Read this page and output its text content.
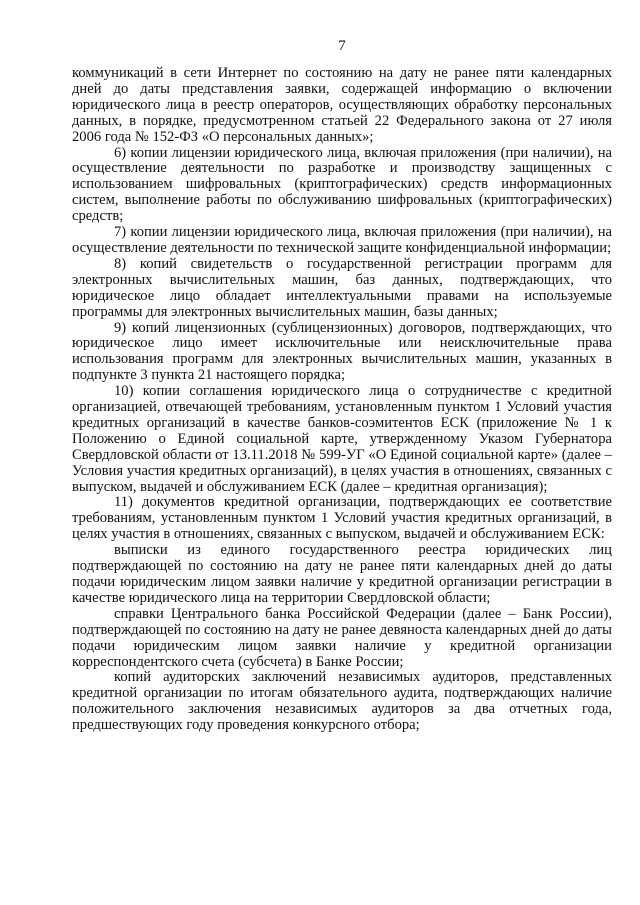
7

коммуникаций в сети Интернет по состоянию на дату не ранее пяти календарных дней до даты представления заявки, содержащей информацию о включении юридического лица в реестр операторов, осуществляющих обработку персональных данных, в порядке, предусмотренном статьей 22 Федерального закона от 27 июля 2006 года № 152-ФЗ «О персональных данных»;

6) копии лицензии юридического лица, включая приложения (при наличии), на осуществление деятельности по разработке и производству защищенных с использованием шифровальных (криптографических) средств информационных систем, выполнение работы по обслуживанию шифровальных (криптографических) средств;

7) копии лицензии юридического лица, включая приложения (при наличии), на осуществление деятельности по технической защите конфиденциальной информации;

8) копий свидетельств о государственной регистрации программ для электронных вычислительных машин, баз данных, подтверждающих, что юридическое лицо обладает интеллектуальными правами на используемые программы для электронных вычислительных машин, базы данных;

9) копий лицензионных (сублицензионных) договоров, подтверждающих, что юридическое лицо имеет исключительные или неисключительные права использования программ для электронных вычислительных машин, указанных в подпункте 3 пункта 21 настоящего порядка;

10) копии соглашения юридического лица о сотрудничестве с кредитной организацией, отвечающей требованиям, установленным пунктом 1 Условий участия кредитных организаций в качестве банков-соэмитентов ЕСК (приложение № 1 к Положению о Единой социальной карте, утвержденному Указом Губернатора Свердловской области от 13.11.2018 № 599-УГ «О Единой социальной карте» (далее – Условия участия кредитных организаций), в целях участия в отношениях, связанных с выпуском, выдачей и обслуживанием ЕСК (далее – кредитная организация);

11) документов кредитной организации, подтверждающих ее соответствие требованиям, установленным пунктом 1 Условий участия кредитных организаций, в целях участия в отношениях, связанных с выпуском, выдачей и обслуживанием ЕСК:

выписки из единого государственного реестра юридических лиц подтверждающей по состоянию на дату не ранее пяти календарных дней до даты подачи юридическим лицом заявки наличие у кредитной организации регистрации в качестве юридического лица на территории Свердловской области;

справки Центрального банка Российской Федерации (далее – Банк России), подтверждающей по состоянию на дату не ранее девяноста календарных дней до даты подачи юридическим лицом заявки наличие у кредитной организации корреспондентского счета (субсчета) в Банке России;

копий аудиторских заключений независимых аудиторов, представленных кредитной организации по итогам обязательного аудита, подтверждающих наличие положительного заключения независимых аудиторов за два отчетных года, предшествующих году проведения конкурсного отбора;
